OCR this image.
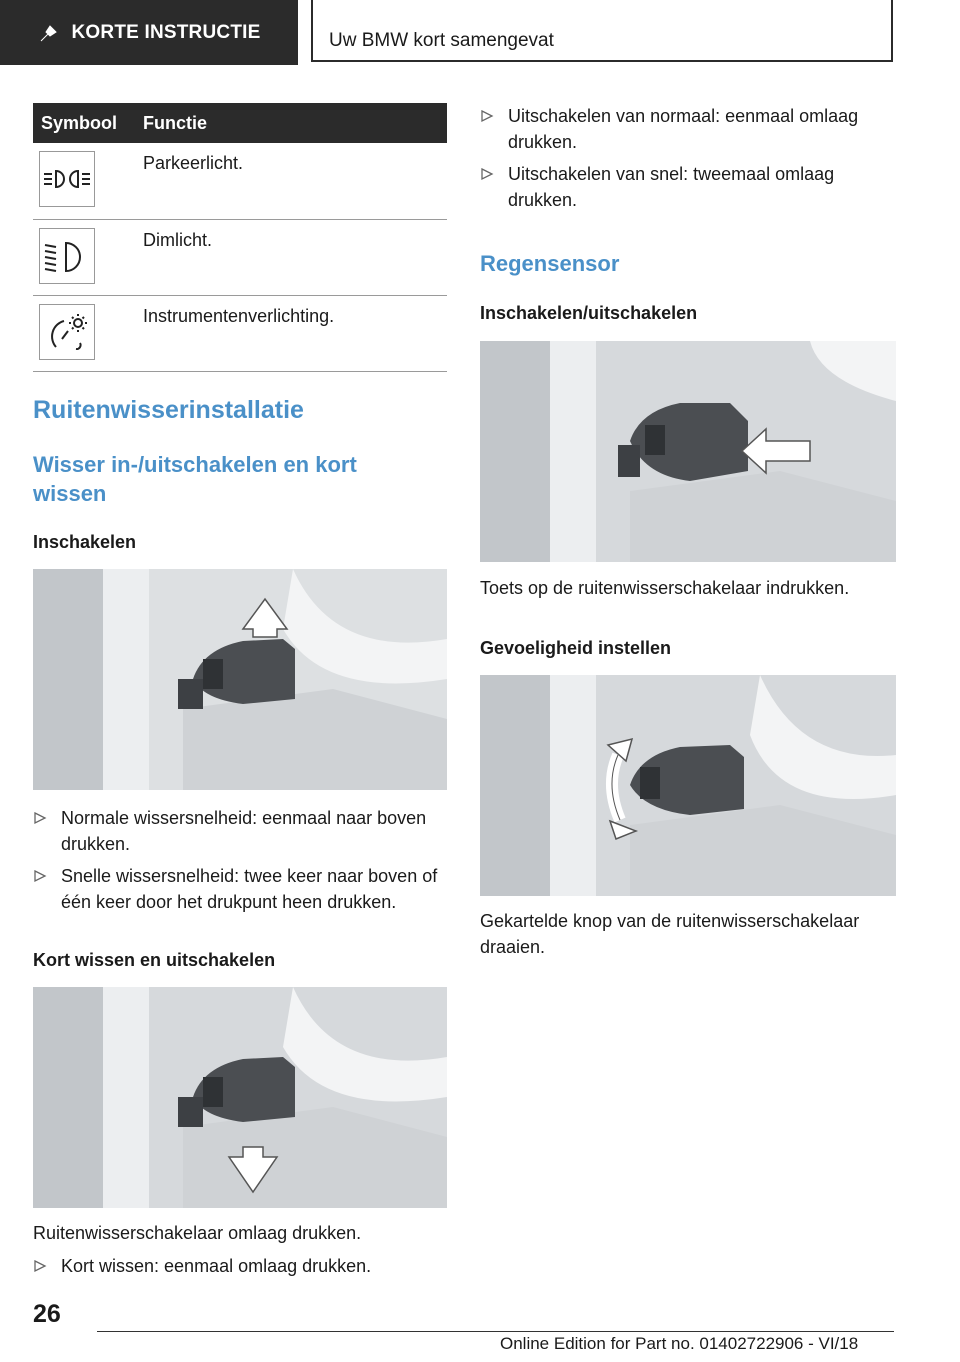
KORTE INSTRUCTIE	Uw BMW kort samengevat
Symbool	Functie

	Parkeerlicht.

	Dimlicht.

	Instrumentenverlichting.
Ruitenwisserinstallatie
Wisser in-/uitschakelen en kort wissen
Inschakelen
Normale wissersnelheid: eenmaal naar boven drukken.
Snelle wissersnelheid: twee keer naar boven of één keer door het drukpunt heen drukken.
Kort wissen en uitschakelen

Ruitenwisserschakelaar omlaag drukken.

Kort wissen: eenmaal omlaag drukken.
Uitschakelen van normaal: eenmaal omlaag drukken.
Uitschakelen van snel: tweemaal omlaag drukken.
Regensensor
Inschakelen/uitschakelen

Toets op de ruitenwisserschakelaar indrukken.

Gevoeligheid instellen

Gekartelde knop van de ruitenwisserschakelaar draaien.

26
Online Edition for Part no. 01402722906 - VI/18
